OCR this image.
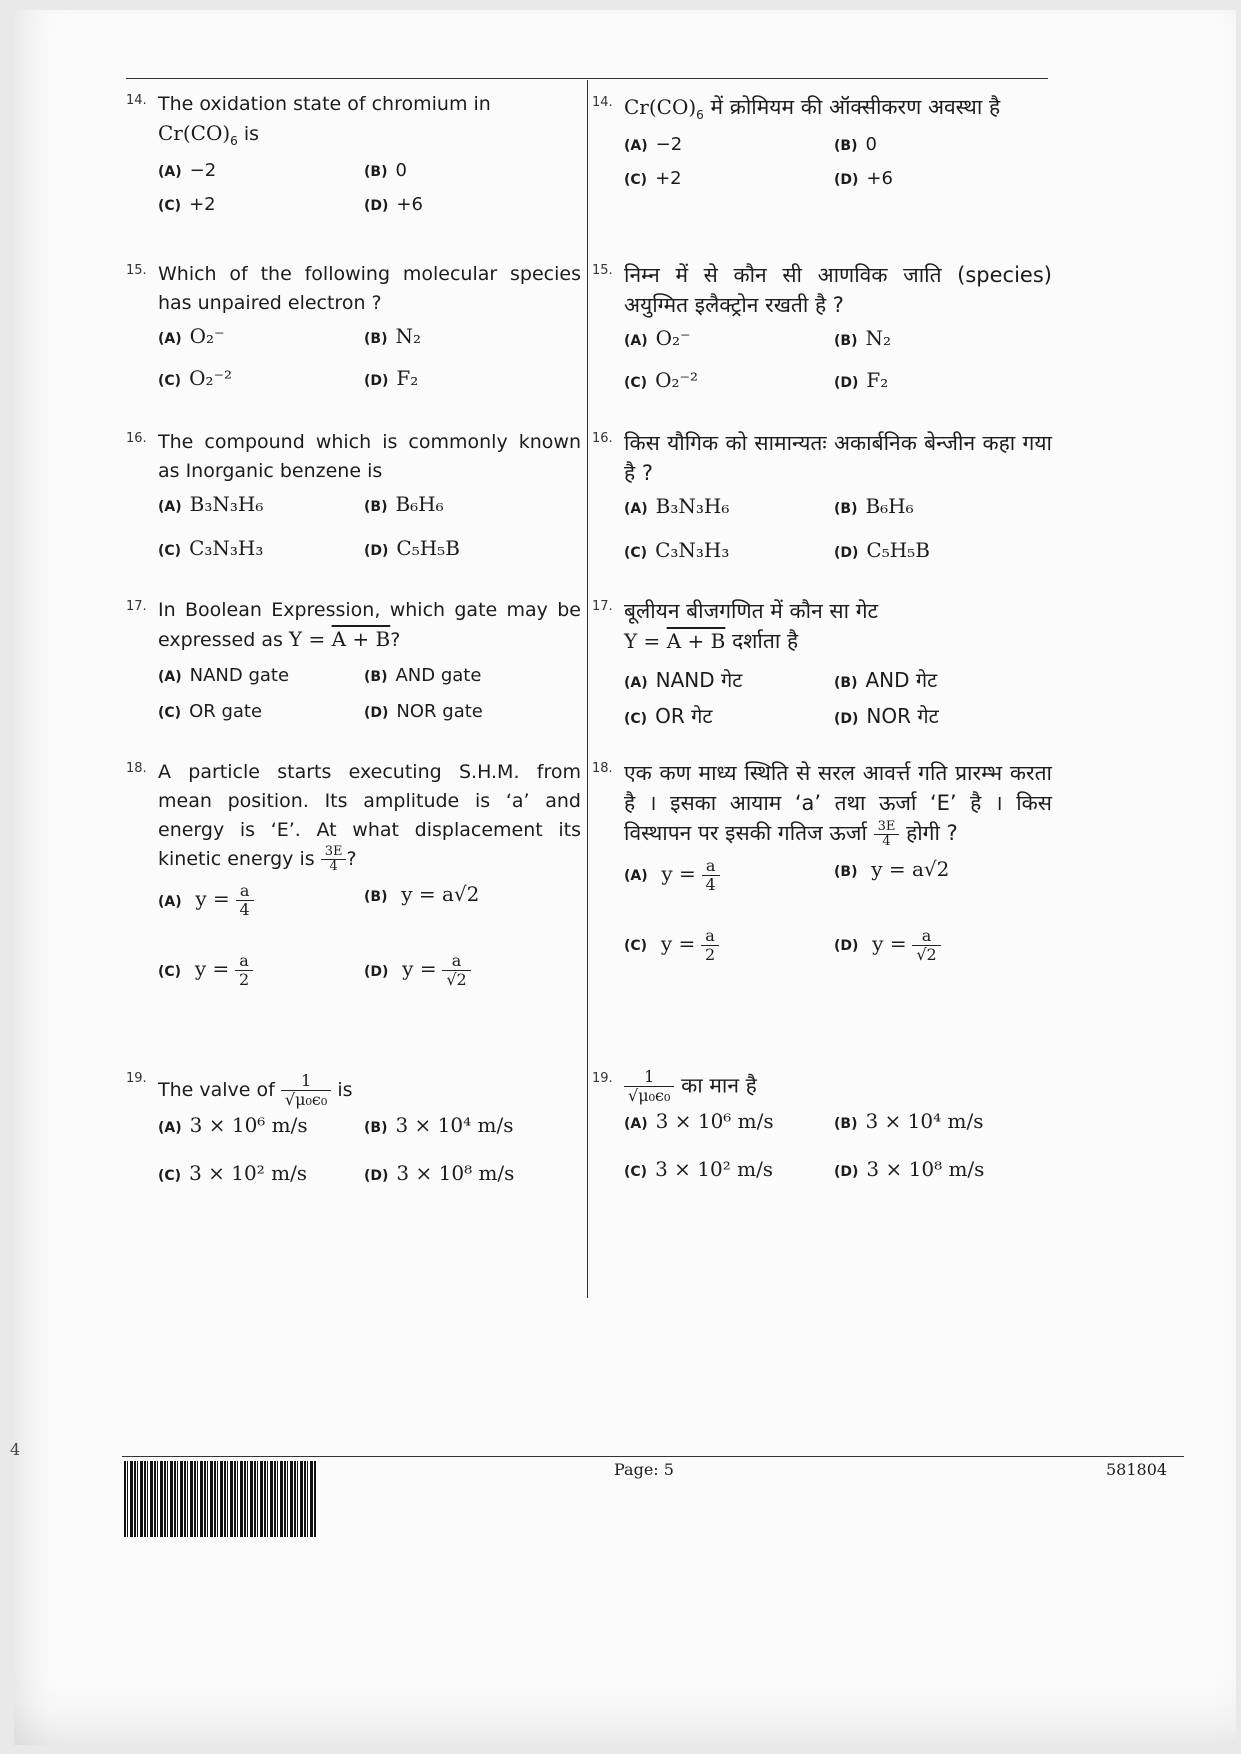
14. The oxidation state of chromium in
$Cr(CO)_6$ is
(A) −2	(B) 0
(C) +2	(D) +6
15. Which of the following molecular species has unpaired electron ?
(A) O₂⁻	(B) N₂
(C) O₂⁻²	(D) F₂
16. The compound which is commonly known as Inorganic benzene is
(A) B₃N₃H₆	(B) B₆H₆
(C) C₃N₃H₃	(D) C₅H₅B
17. In Boolean Expression, which gate may be expressed as Y = A + B?
(A) NAND gate	(B) AND gate
(C) OR gate	(D) NOR gate
18. A particle starts executing S.H.M. from mean position. Its amplitude is ‘a’ and energy is ‘E’. At what displacement its kinetic energy is $\frac{3E}{4}$ ?
(A) $y = \frac{a}{4}$	(B) y = a√2
(C) $y = \frac{a}{2}$	(D) $y = \frac{a}{√2}$
19.
The valve of $\frac{1}{\text{√μ₀ϵ₀}}$ is
(A) 3 × 10⁶ m/s	(B) 3 × 10⁴ m/s
(C) 3 × 10² m/s	(D) 3 × 10⁸ m/s
14. $Cr(CO)_6$ में क्रोमियम की ऑक्सीकरण अवस्था है
(A) −2	(B) 0
(C) +2	(D) +6
15. निम्न में से कौन सी आणविक जाति (species) अयुग्मित इलैक्ट्रोन रखती है ?
(A) O₂⁻	(B) N₂
(C) O₂⁻²	(D) F₂
16. किस यौगिक को सामान्यतः अकार्बनिक बेन्जीन कहा गया है ?
(A) B₃N₃H₆	(B) B₆H₆
(C) C₃N₃H₃	(D) C₅H₅B
17. बूलीयन बीजगणित में कौन सा गेट
Y = A + B दर्शाता है
(A) NAND गेट	(B) AND गेट
(C) OR गेट	(D) NOR गेट
18. एक कण माध्य स्थिति से सरल आवर्त्त गति प्रारम्भ करता है । इसका आयाम ‘a’ तथा ऊर्जा ‘E’ है । किस विस्थापन पर इसकी गतिज ऊर्जा $\frac{3E}{4}$ होगी ?
(A) $y = \frac{a}{4}$	(B) y = a√2
(C) $y = \frac{a}{2}$	(D) $y = \frac{a}{√2}$
19. $\frac{1}{\text{√μ₀ϵ₀}}$ का मान है
(A) 3 × 10⁶ m/s	(B) 3 × 10⁴ m/s
(C) 3 × 10² m/s	(D) 3 × 10⁸ m/s
Page: 5	581804
4
